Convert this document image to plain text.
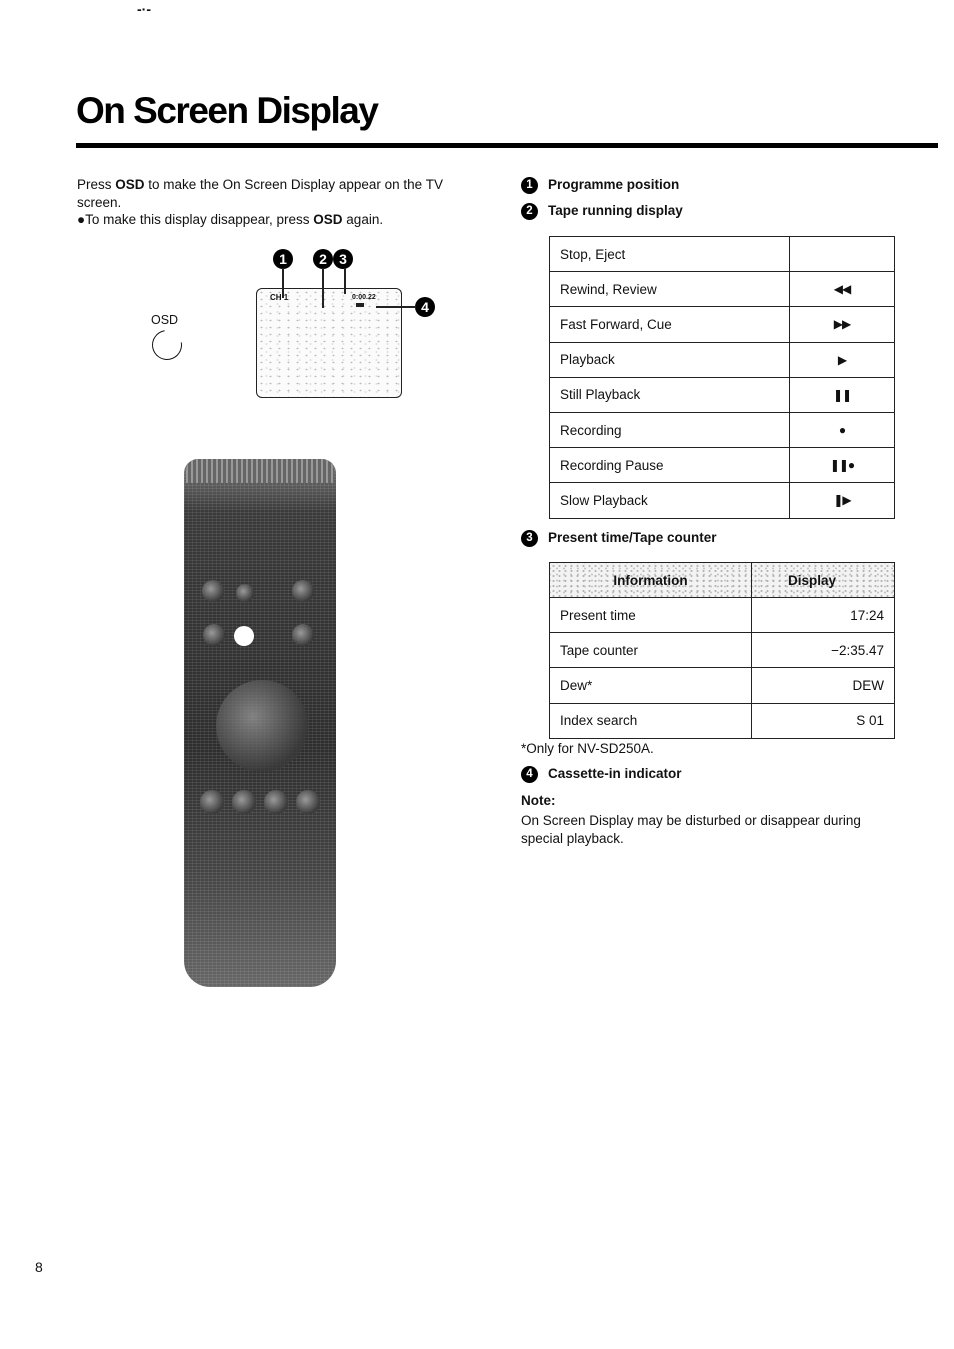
-·-
On Screen Display

Press OSD to make the On Screen Display appear on the TV screen.

●To make this display disappear, press OSD again.

OSD
1	2 3
4
CH 1	0:00.22
1 Programme position
2 Tape running display
Stop, Eject	
Rewind, Review	◀◀
Fast Forward, Cue	▶▶
Playback	▶
Still Playback	❚❚
Recording	●
Recording Pause	❚❚●
Slow Playback	❚▶
3 Present time/Tape counter
Information	Display
Present time	17:24
Tape counter	−2:35.47
Dew*	DEW
Index search	S 01
*Only for NV-SD250A.
4 Cassette-in indicator
Note:
On Screen Display may be disturbed or disappear during special playback.
8
